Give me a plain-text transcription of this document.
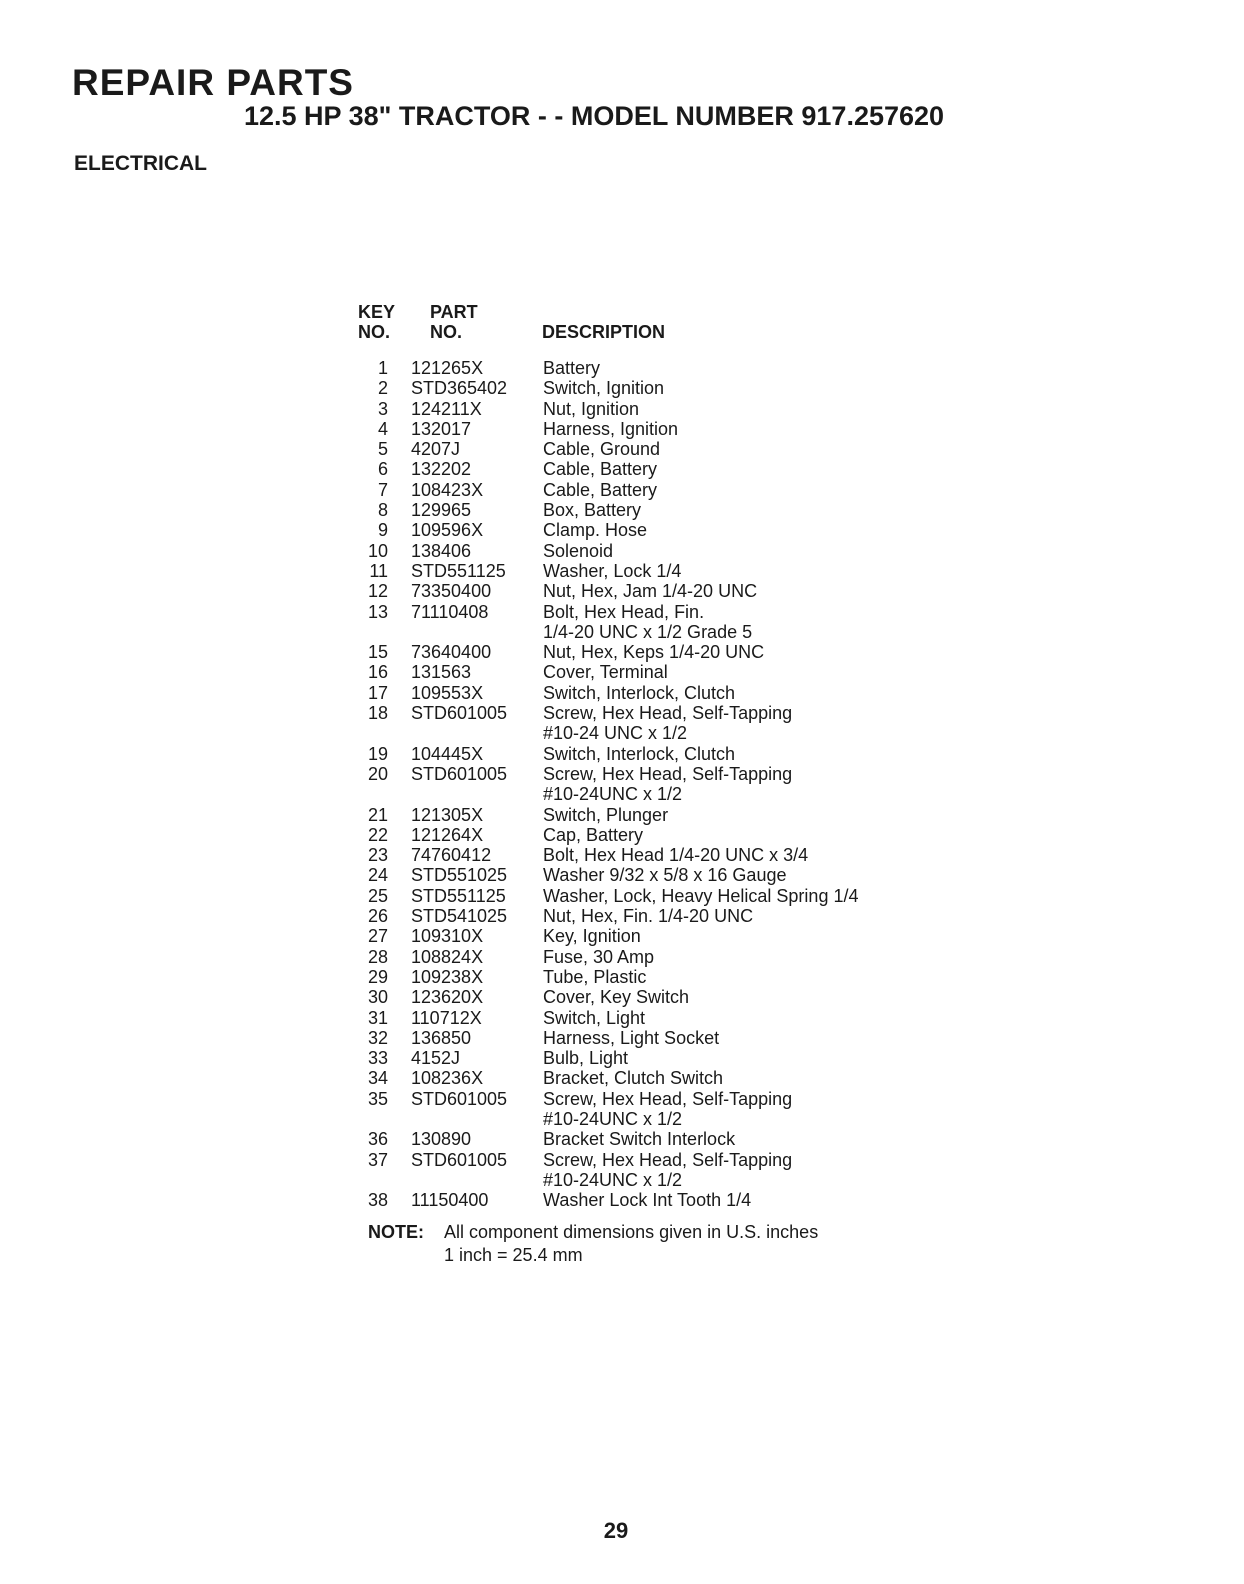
REPAIR PARTS
12.5 HP 38" TRACTOR - - MODEL NUMBER 917.257620
ELECTRICAL
KEY
NO.
PART
NO.	DESCRIPTION
1 121265X	Battery
2 STD365402 Switch, Ignition
3 124211X	Nut, Ignition
4 132017	Harness, Ignition
5 4207J	Cable, Ground
6 132202	Cable, Battery
7 108423X	Cable, Battery
8 129965	Box, Battery
9 109596X	Clamp. Hose
10 138406	Solenoid
11 STD551125 Washer, Lock 1/4
12 73350400	Nut, Hex, Jam 1/4-20 UNC
13 71110408	Bolt, Hex Head, Fin.
1/4-20 UNC x 1/2 Grade 5
15 73640400	Nut, Hex, Keps 1/4-20 UNC
16 131563	Cover, Terminal
17 109553X	Switch, Interlock, Clutch
18 STD601005 Screw, Hex Head, Self-Tapping
#10-24 UNC x 1/2
19 104445X	Switch, Interlock, Clutch
20 STD601005 Screw, Hex Head, Self-Tapping
#10-24UNC x 1/2
21 121305X	Switch, Plunger
22 121264X	Cap, Battery
23 74760412	Bolt, Hex Head 1/4-20 UNC x 3/4
24 STD551025 Washer 9/32 x 5/8 x 16 Gauge
25 STD551125 Washer, Lock, Heavy Helical Spring 1/4
26 STD541025 Nut, Hex, Fin. 1/4-20 UNC
27 109310X	Key, Ignition
28 108824X	Fuse, 30 Amp
29 109238X	Tube, Plastic
30 123620X	Cover, Key Switch
31 110712X	Switch, Light
32 136850	Harness, Light Socket
33 4152J	Bulb, Light
34 108236X	Bracket, Clutch Switch
35 STD601005 Screw, Hex Head, Self-Tapping
#10-24UNC x 1/2
36 130890	Bracket Switch Interlock
37 STD601005 Screw, Hex Head, Self-Tapping
#10-24UNC x 1/2
38 11150400	Washer Lock Int Tooth 1/4
NOTE: All component dimensions given in U.S. inches
1 inch = 25.4 mm
29
